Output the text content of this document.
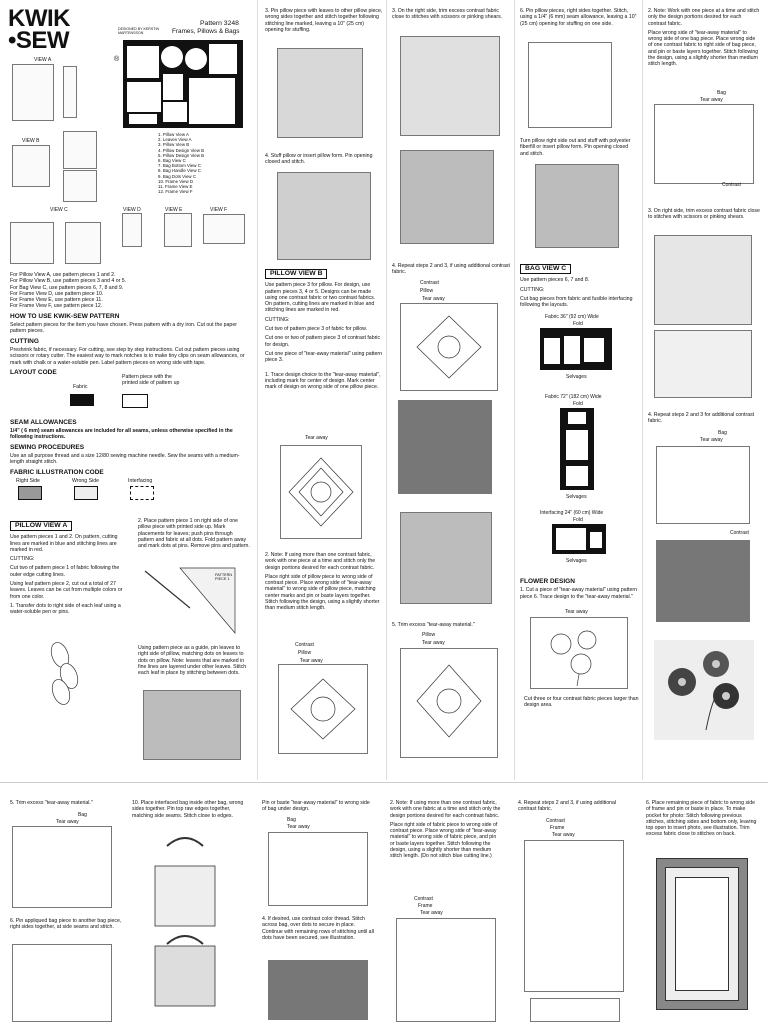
KWIK
•SEW	DESIGNED BY KERSTIN MARTENSSON
®
Pattern 3248
Frames, Pillows & Bags
VIEW A
VIEW B
VIEW C	VIEW D	VIEW E	VIEW F
1. Pillow View A
2. Leaves View A
3. Pillow View B
4. Pillow Design View B
5. Pillow Design View B
6. Bag View C
7. Bag Bottom View C
8. Bag Handle View C
9. Bag Dots View C
10. Frame View D
11. Frame View E
12. Frame View F
For Pillow View A, use pattern pieces 1 and 2.
For Pillow View B, use pattern pieces 3 and 4 or 5.
For Bag View C, use pattern pieces 6, 7, 8 and 9.
For Frame View D, use pattern piece 10.
For Frame View E, use pattern piece 11.
For Frame View F, use pattern piece 12.
HOW TO USE KWIK-SEW PATTERN

Select pattern pieces for the item you have chosen. Press pattern with a dry iron. Cut out the paper pattern pieces.

CUTTING

Preshrink fabric, if necessary. For cutting, see step by step instructions. Cut out pattern pieces using scissors or rotary cutter. The easiest way to mark notches is to make tiny clips on seam allowances, or mark with chalk or a water-soluble pen. Label pattern pieces on wrong side with tape.

LAYOUT CODE
Fabric
Pattern piece with the printed side of pattern up
SEAM ALLOWANCES

1/4" ( 6 mm) seam allowances are included for all seams, unless otherwise specified in the following instructions.

SEWING PROCEDURES

Use an all purpose thread and a size 12/80 sewing machine needle. Sew the seams with a medium-length straight stitch.

FABRIC ILLUSTRATION CODE
Right Side	Wrong Side	Interfacing
PILLOW VIEW A

Use pattern pieces 1 and 2. On pattern, cutting lines are marked in blue and stitching lines are marked in red.

CUTTING:

Cut two of pattern piece 1 of fabric following the outer edge cutting lines.

Using leaf pattern piece 2, cut out a total of 27 leaves. Leaves can be cut from multiple colors or from one color.

1. Transfer dots to right side of each leaf using a water-soluble pen or pins.

2. Place pattern piece 1 on right side of one pillow piece with printed side up. Mark placements for leaves; push pins through pattern and fabric at all dots. Fold pattern away and mark dots at pins. Remove pins and pattern.

PATTERN PIECE 1

Using pattern piece as a guide, pin leaves to right side of pillow, matching dots on leaves to dots on pillow. Note: leaves that are marked in fine lines are layered under other leaves. Stitch each leaf in place by stitching between dots.

3. Pin pillow piece with leaves to other pillow piece, wrong sides together and stitch together following stitching line marked, leaving a 10" (25 cm) opening for stuffing.

4. Stuff pillow or insert pillow form. Pin opening closed and stitch.

PILLOW VIEW B

Use pattern piece 3 for pillow. For design, use pattern pieces 3, 4 or 5. Designs can be made using one contrast fabric or two contrast fabrics. On pattern, cutting lines are marked in blue and stitching lines are marked in red.

CUTTING:

Cut two of pattern piece 3 of fabric for pillow.

Cut one or two of pattern piece 3 of contrast fabric for design.

Cut one piece of "tear-away material" using pattern piece 3.

1. Trace design choice to the "tear-away material", including mark for center of design. Mark center mark of design on wrong side of one pillow piece.

Tear away

2. Note: If using more than one contrast fabric, work with one piece at a time and stitch only the design portions desired for each contrast fabric.

Place right side of pillow piece to wrong side of contrast piece. Place wrong side of "tear-away material" to wrong side of pillow piece, matching center marks and pin or baste layers together. Stitch following the design, using a slightly shorter than medium stitch length.

Contrast
Pillow
Tear away

3. On the right side, trim excess contrast fabric close to stitches with scissors or pinking shears.

4. Repeat steps 2 and 3, if using additional contrast fabric.

Contrast
Pillow
Tear away

5. Trim excess "tear-away material."

Pillow
Tear away

6. Pin pillow pieces, right sides together. Stitch, using a 1/4" (6 mm) seam allowance, leaving a 10" (25 cm) opening for stuffing on one side.

Turn pillow right side out and stuff with polyester fiberfill or insert pillow form. Pin opening closed and stitch.

BAG VIEW C

Use pattern pieces 6, 7 and 8.

CUTTING:

Cut bag pieces from fabric and fusible interfacing following the layouts.

Fabric 36" (92 cm) Wide
Fold
Selvages
Fabric 72" (182 cm) Wide
Fold
Selvages
Interfacing 24" (60 cm) Wide
Fold
Selvages
FLOWER DESIGN

1. Cut a piece of "tear-away material" using pattern piece 6. Trace design to the "tear-away material."

Tear away

Cut three or four contrast fabric pieces larger than design area.

2. Note: Work with one piece at a time and stitch only the design portions desired for each contrast fabric.

Place wrong side of "tear-away material" to wrong side of one bag piece. Place wrong side of one contrast fabric to right side of bag piece, and pin or baste layers together. Stitch following the design, using a slightly shorter than medium stitch length.

Bag
Tear away
Contrast

3. On right side, trim excess contrast fabric close to stitches with scissors or pinking shears.

4. Repeat steps 2 and 3 for additional contrast fabric.

Bag
Tear away
Contrast

5. Trim excess "tear-away material."

Bag
Tear away

6. Pin appliqued bag piece to another bag piece, right sides together, at side seams and stitch.

10. Place interfaced bag inside other bag, wrong sides together. Pin top raw edges together, matching side seams. Stitch close to edges.

Pin or baste "tear-away material" to wrong side of bag under design.

Bag
Tear away

4. If desired, use contrast color thread. Stitch across bag, over dots to secure in place. Continue with remaining rows of stitching until all dots have been secured, see illustration.

2. Note: If using more than one contrast fabric, work with one fabric at a time and stitch only the design portions desired for each contrast fabric.

Place right side of fabric piece to wrong side of contrast piece. Place wrong side of "tear-away material" to wrong side of fabric piece, and pin or baste layers together. Stitch following the design, using a slightly shorter than medium stitch length. (Do not stitch blue cutting line.)

Contrast
Frame
Tear away

4. Repeat steps 2 and 3, if using additional contrast fabric.

Contrast
Frame
Tear away

6. Place remaining piece of fabric to wrong side of frame and pin or baste in place. To make pocket for photo: Stitch following previous stitches, stitching sides and bottom only, leaving top open to insert photo, see illustration. Trim excess fabric close to stitches on back.
